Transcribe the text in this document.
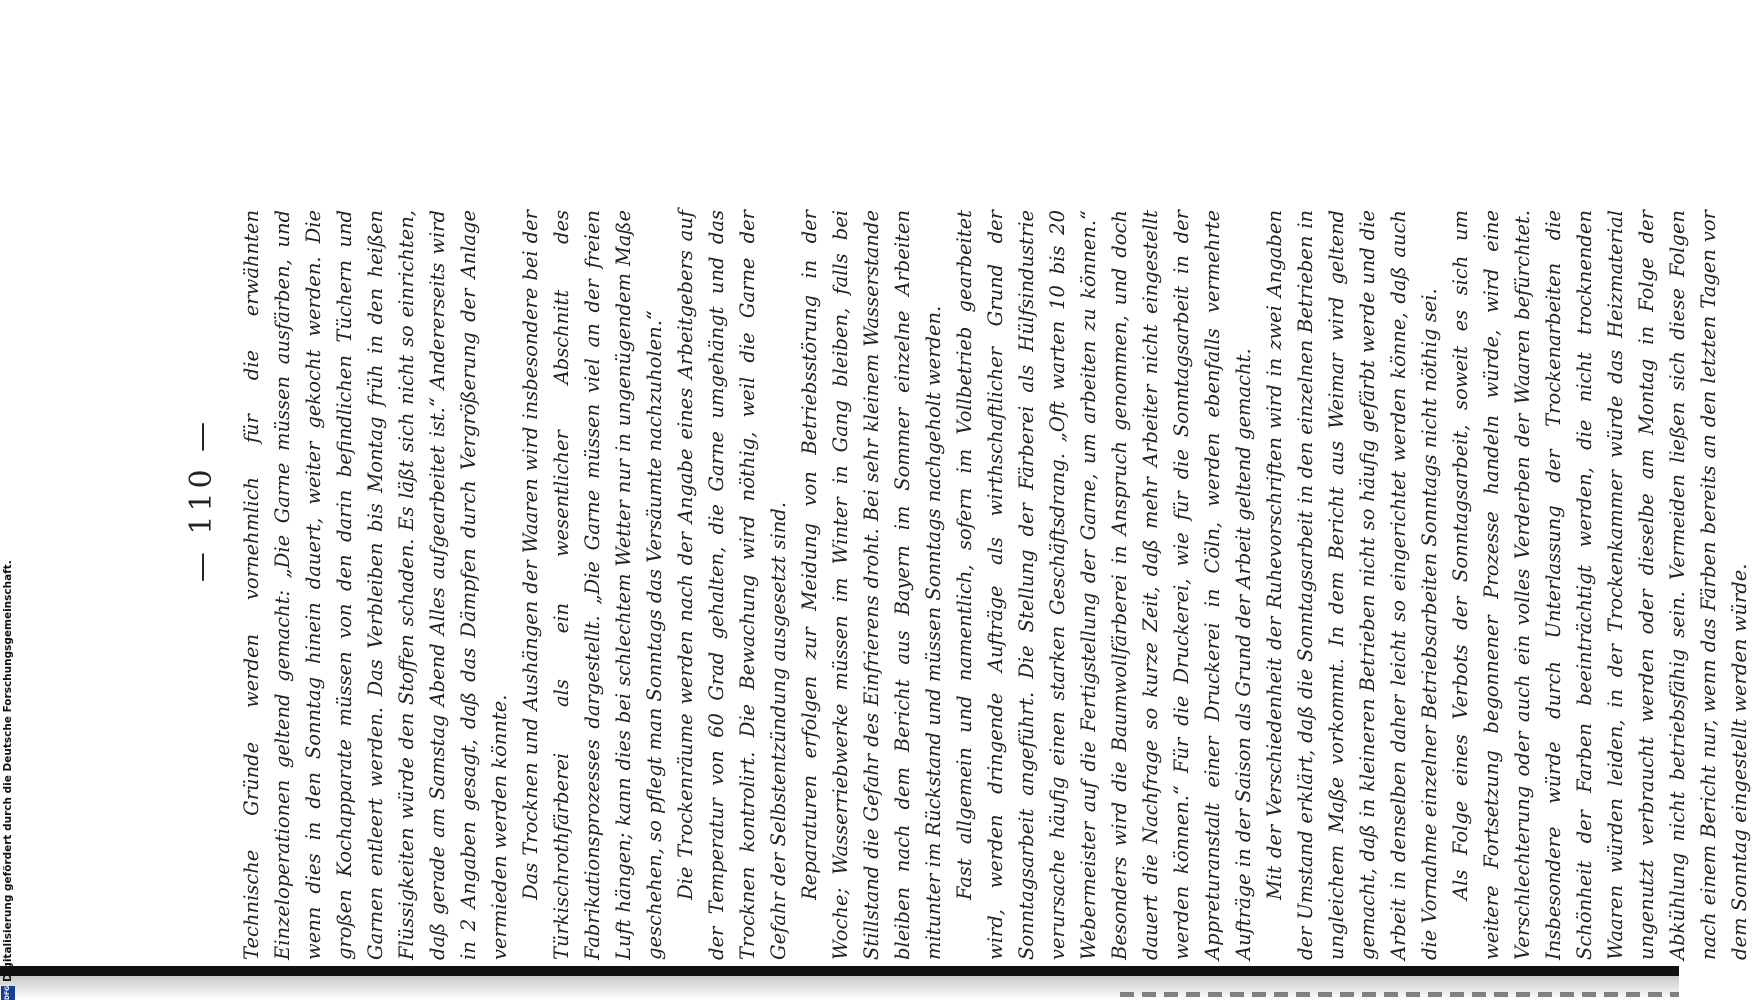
— 110 — Technische Gründe werden vornehmlich für die erwähnten Einzeloperationen geltend gemacht: „Die Garne müssen ausfärben, und wenn dies in den Sonntag hinein dauert, weiter gekocht werden. Die großen Kochapparate müssen von den darin befindlichen Tüchern und Garnen entleert werden. Das Verbleiben bis Montag früh in den heißen Flüssigkeiten würde den Stoffen schaden. Es läßt sich nicht so einrichten, daß gerade am Samstag Abend Alles aufgearbeitet ist.“ Andererseits wird in 2 Angaben gesagt, daß das Dämpfen durch Vergrößerung der Anlage vermieden werden könnte. Das Trocknen und Aushängen der Waaren wird insbesondere bei der Türkischrothfärberei als ein wesentlicher Abschnitt des Fabrikationsprozesses dargestellt. „Die Garne müssen viel an der freien Luft hängen; kann dies bei schlechtem Wetter nur in ungenügendem Maße geschehen, so pflegt man Sonntags das Versäumte nachzuholen.“ Die Trockenräume werden nach der Angabe eines Arbeitgebers auf der Temperatur von 60 Grad gehalten, die Garne umgehängt und das Trocknen kontrolirt. Die Bewachung wird nöthig, weil die Garne der Gefahr der Selbstentzündung ausgesetzt sind. Reparaturen erfolgen zur Meidung von Betriebsstörung in der Woche; Wasserriebwerke müssen im Winter in Gang bleiben, falls bei Stillstand die Gefahr des Einfrierens droht. Bei sehr kleinem Wasserstande bleiben nach dem Bericht aus Bayern im Sommer einzelne Arbeiten mitunter im Rückstand und müssen Sonntags nachgeholt werden. Fast allgemein und namentlich, sofern im Vollbetrieb gearbeitet wird, werden dringende Aufträge als wirthschaftlicher Grund der Sonntagsarbeit angeführt. Die Stellung der Färberei als Hülfsindustrie verursache häufig einen starken Geschäftsdrang. „Oft warten 10 bis 20 Webermeister auf die Fertigstellung der Garne, um arbeiten zu können.“ Besonders wird die Baumwollfärberei in Anspruch genommen, und doch dauert die Nachfrage so kurze Zeit, daß mehr Arbeiter nicht eingestellt werden können.“ Für die Druckerei, wie für die Sonntagsarbeit in der Appreturanstalt einer Druckerei in Cöln, werden ebenfalls vermehrte Aufträge in der Saison als Grund der Arbeit geltend gemacht. Mit der Verschiedenheit der Ruhevorschriften wird in zwei Angaben der Umstand erklärt, daß die Sonntagsarbeit in den einzelnen Betrieben in ungleichem Maße vorkommt. In dem Bericht aus Weimar wird geltend gemacht, daß in kleineren Betrieben nicht so häufig gefärbt werde und die Arbeit in denselben daher leicht so eingerichtet werden könne, daß auch die Vornahme einzelner Betriebsarbeiten Sonntags nicht nöthig sei. Als Folge eines Verbots der Sonntagsarbeit, soweit es sich um weitere Fortsetzung begonnener Prozesse handeln würde, wird eine Verschlechterung oder auch ein volles Verderben der Waaren befürchtet. Insbesondere würde durch Unterlassung der Trockenarbeiten die Schönheit der Farben beeinträchtigt werden, die nicht trocknenden Waaren würden leiden, in der Trockenkammer würde das Heizmaterial ungenutzt verbraucht werden oder dieselbe am Montag in Folge der Abkühlung nicht betriebsfähig sein. Vermeiden ließen sich diese Folgen nach einem Bericht nur, wenn das Färben bereits an den letzten Tagen vor dem Sonntag eingestellt werden würde.

DFG
Digitalisierung gefördert durch die Deutsche Forschungsgemeinschaft.
